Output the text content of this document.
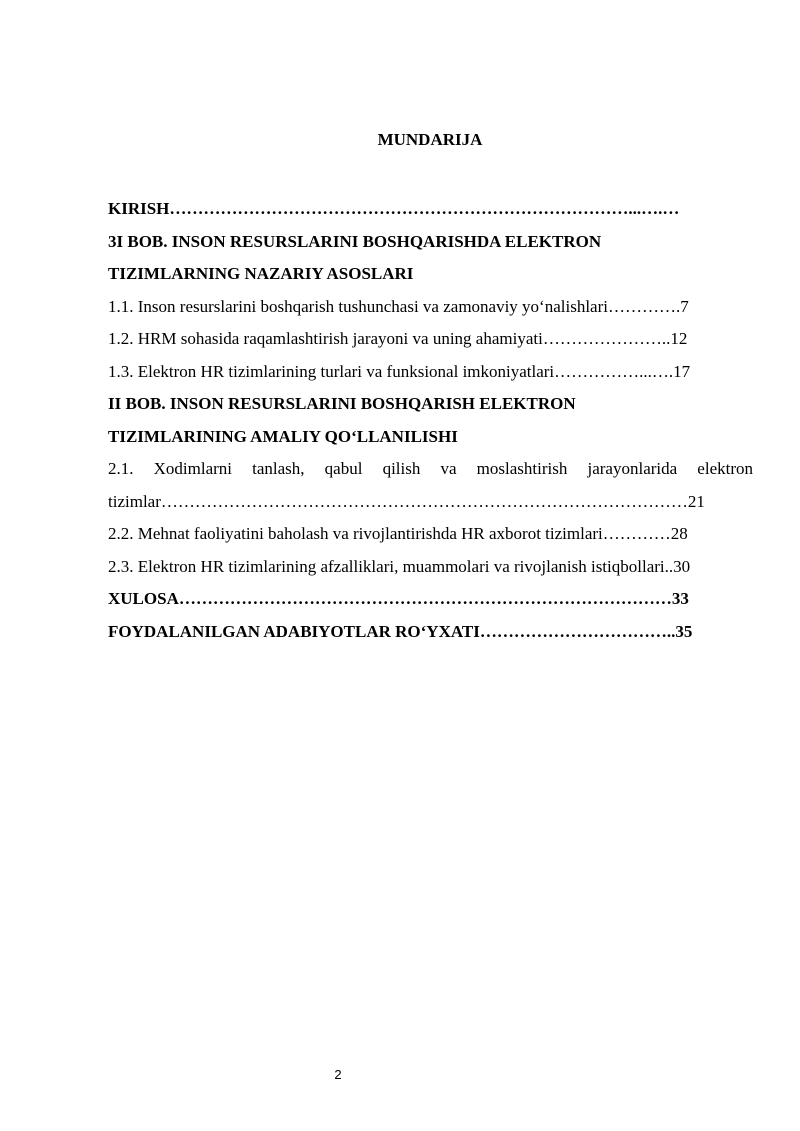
MUNDARIJA
KIRISH………………………………………………………………………...….…
3I BOB. INSON RESURSLARINI BOSHQARISHDA ELEKTRON
TIZIMLARNING NAZARIY ASOSLARI
1.1. Inson resurslarini boshqarish tushunchasi va zamonaviy yo‘nalishlari………….7
1.2. HRM sohasida raqamlashtirish jarayoni va uning ahamiyati…………………..12
1.3. Elektron HR tizimlarining turlari va funksional imkoniyatlari……………...….17
II BOB. INSON RESURSLARINI BOSHQARISH ELEKTRON
TIZIMLARINING AMALIY QO‘LLANILISHI
2.1. Xodimlarni tanlash, qabul qilish va moslashtirish jarayonlarida elektron
tizimlar…………………………………………………………………………………21
2.2. Mehnat faoliyatini baholash va rivojlantirishda HR axborot tizimlari…………28
2.3. Elektron HR tizimlarining afzalliklari, muammolari va rivojlanish istiqbollari..30
XULOSA……………………………………………………………………………33
FOYDALANILGAN ADABIYOTLAR RO‘YXATI……………………………..35
2
